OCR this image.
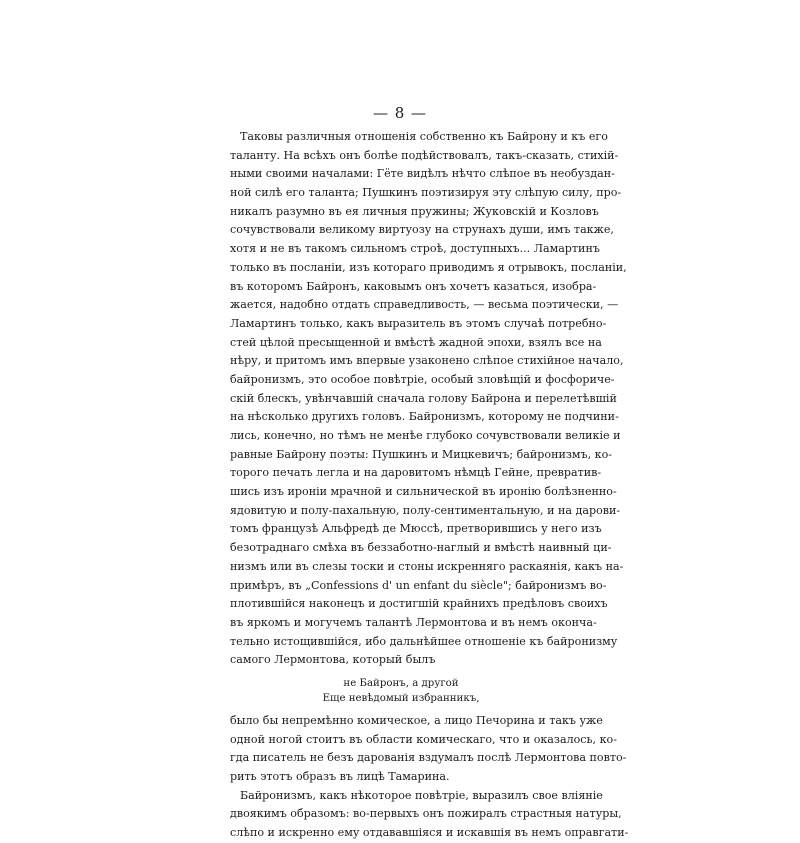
— 8 —
Таковы различныя отношенія собственно къ Байрону и къ его
таланту. На всѣхъ онъ болѣе подѣйствовалъ, такъ-сказать, стихій-
ными своими началами: Гёте видѣлъ нѣчто слѣпое въ необуздан-
ной силѣ его таланта; Пушкинъ поэтизируя эту слѣпую силу, про-
никалъ разумно въ ея личныя пружины; Жуковскій и Козловъ
сочувствовали великому виртуозу на струнахъ души, имъ также,
хотя и не въ такомъ сильномъ строѣ, доступныхъ... Ламартинъ
только въ посланіи, изъ котораго приводимъ я отрывокъ, посланіи,
въ которомъ Байронъ, каковымъ онъ хочетъ казаться, изобра-
жается, надобно отдать справедливость, — весьма поэтически, —
Ламартинъ только, какъ выразитель въ этомъ случаѣ потребно-
стей цѣлой пресыщенной и вмѣстѣ жадной эпохи, взялъ все на
нѣру, и притомъ имъ впервые узаконено слѣпое стихійное начало,
байронизмъ, это особое повѣтріе, особый зловѣщій и фосфориче-
скій блескъ, увѣнчавшій сначала голову Байрона и перелетѣвшій
на нѣсколько другихъ головъ. Байронизмъ, которому не подчини-
лись, конечно, но тѣмъ не менѣе глубоко сочувствовали великіе и
равные Байрону поэты: Пушкинъ и Мицкевичъ; байронизмъ, ко-
торого печать легла и на даровитомъ нѣмцѣ Гейне, превратив-
шись изъ ироніи мрачной и сильнической въ иронію болѣзненно-
ядовитую и полу-пахальную, полу-сентиментальную, и на дарови-
томъ французѣ Альфредѣ де Мюссѣ, претворившись у него изъ
безотраднаго смѣха въ беззаботно-наглый и вмѣстѣ наивный ци-
низмъ или въ слезы тоски и стоны искренняго раскаянія, какъ на-
примѣръ, въ „Confessions d' un enfant du siècle"; байронизмъ во-
плотившійся наконецъ и достигшій крайнихъ предѣловъ своихъ
въ яркомъ и могучемъ талантѣ Лермонтова и въ немъ оконча-
тельно истощившійся, ибо дальнѣйшее отношеніе къ байронизму
самого Лермонтова, который былъ
не Байронъ, а другой
Еще невѣдомый избранникъ,
было бы непремѣнно комическое, а лицо Печорина и такъ уже
одной ногой стоитъ въ области комическаго, что и оказалось, ко-
гда писатель не безъ дарованія вздумалъ послѣ Лермонтова повто-
рить этотъ образъ въ лицѣ Тамарина.
Байронизмъ, какъ нѣкоторое повѣтріе, выразилъ свое вліяніе
двоякимъ образомъ: во-первыхъ онъ пожиралъ страстныя натуры,
слѣпо и искренно ему отдававшіяся и искавшія въ немъ оправгати-
